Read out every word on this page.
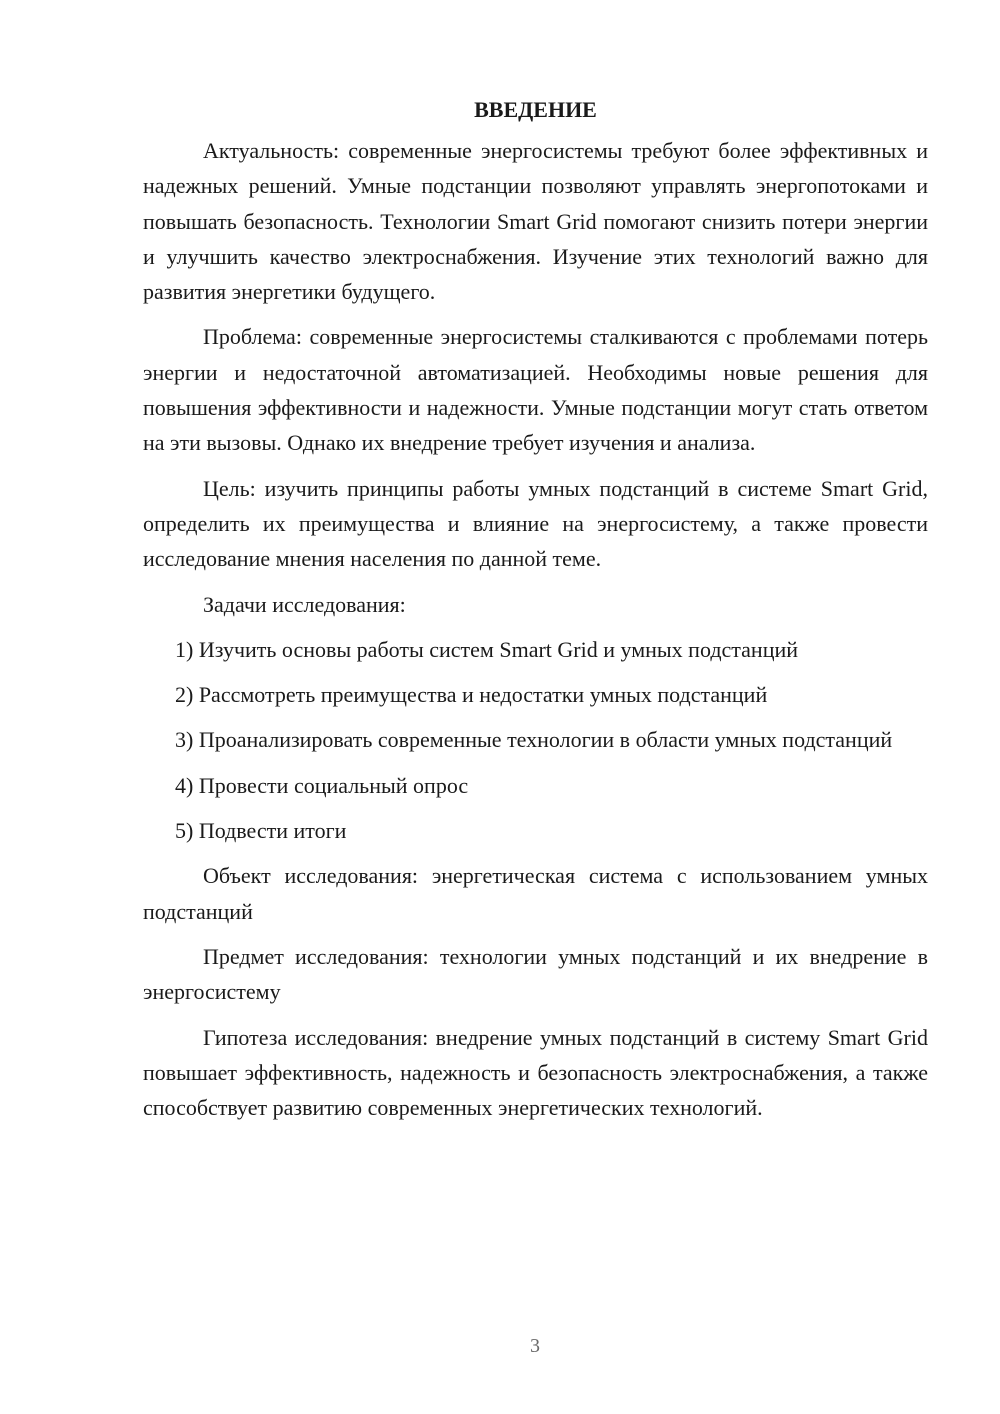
ВВЕДЕНИЕ

Актуальность: современные энергосистемы требуют более эффективных и надежных решений. Умные подстанции позволяют управлять энергопотоками и повышать безопасность. Технологии Smart Grid помогают снизить потери энергии и улучшить качество электроснабжения. Изучение этих технологий важно для развития энергетики будущего.

Проблема: современные энергосистемы сталкиваются с проблемами потерь энергии и недостаточной автоматизацией. Необходимы новые решения для повышения эффективности и надежности. Умные подстанции могут стать ответом на эти вызовы. Однако их внедрение требует изучения и анализа.

Цель: изучить принципы работы умных подстанций в системе Smart Grid, определить их преимущества и влияние на энергосистему, а также провести исследование мнения населения по данной теме.

Задачи исследования:

1) Изучить основы работы систем Smart Grid и умных подстанций

2) Рассмотреть преимущества и недостатки умных подстанций

3) Проанализировать современные технологии в области умных подстанций

4) Провести социальный опрос

5) Подвести итоги

Объект исследования: энергетическая система с использованием умных подстанций

Предмет исследования: технологии умных подстанций и их внедрение в энергосистему

Гипотеза исследования: внедрение умных подстанций в систему Smart Grid повышает эффективность, надежность и безопасность электроснабжения, а также способствует развитию современных энергетических технологий.

3
